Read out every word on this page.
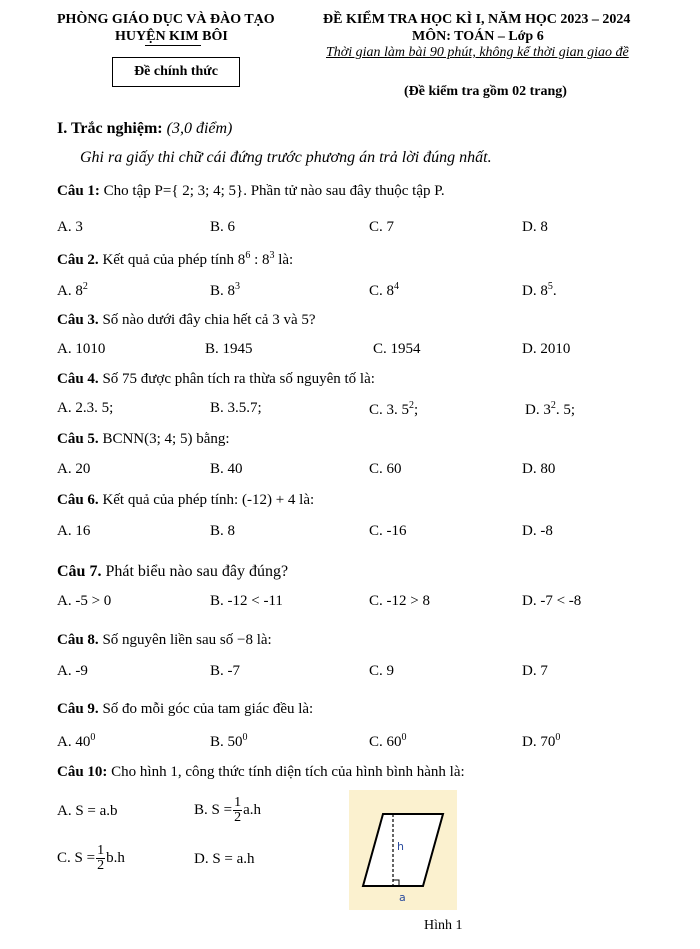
PHÒNG GIÁO DỤC VÀ ĐÀO TẠO
HUYỆN KIM BÔI
Đề chính thức
ĐỀ KIỂM TRA HỌC KÌ I, NĂM HỌC 2023 – 2024
MÔN: TOÁN – Lớp 6
Thời gian làm bài 90 phút, không kể thời gian giao đề
(Đề kiểm tra gồm 02 trang)
I. Trắc nghiệm: (3,0 điểm)
Ghi ra giấy thi chữ cái đứng trước phương án trả lời đúng nhất.
Câu 1: Cho tập P={ 2; 3; 4; 5}. Phần tử nào sau đây thuộc tập P.
A. 3	B. 6	C. 7	D. 8
Câu 2. Kết quả của phép tính $8^6$ : $8^3$ là:
A. $8^2$	B. $8^3$	C. $8^4$	D. $8^5$.
Câu 3. Số nào dưới đây chia hết cả 3 và 5?
A. 1010	B. 1945	C. 1954	D. 2010
Câu 4. Số 75 được phân tích ra thừa số nguyên tố là:
A. 2.3. 5;	B. 3.5.7;	C. 3. $5^2$;	D. $3^2$. 5;
Câu 5. BCNN(3; 4; 5) bằng:
A. 20	B. 40	C. 60	D. 80
Câu 6. Kết quả của phép tính: (-12) + 4 là:
A. 16	B. 8	C. -16	D. -8
Câu 7. Phát biểu nào sau đây đúng?
A. -5 > 0	B. -12 < -11	C. -12 > 8	D. -7 < -8
Câu 8. Số nguyên liền sau số −8 là:
A. -9	B. -7	C. 9	D. 7
Câu 9. Số đo mỗi góc của tam giác đều là:
A. $40^0$	B. $50^0$	C. $60^0$	D. $70^0$
Câu 10: Cho hình 1, công thức tính diện tích của hình bình hành là:
A. S = a.b	B. $S = \frac{1}{2} a.h$
C. $S = \frac{1}{2} b.h$	D. S = a.h
h
a
Hình 1
